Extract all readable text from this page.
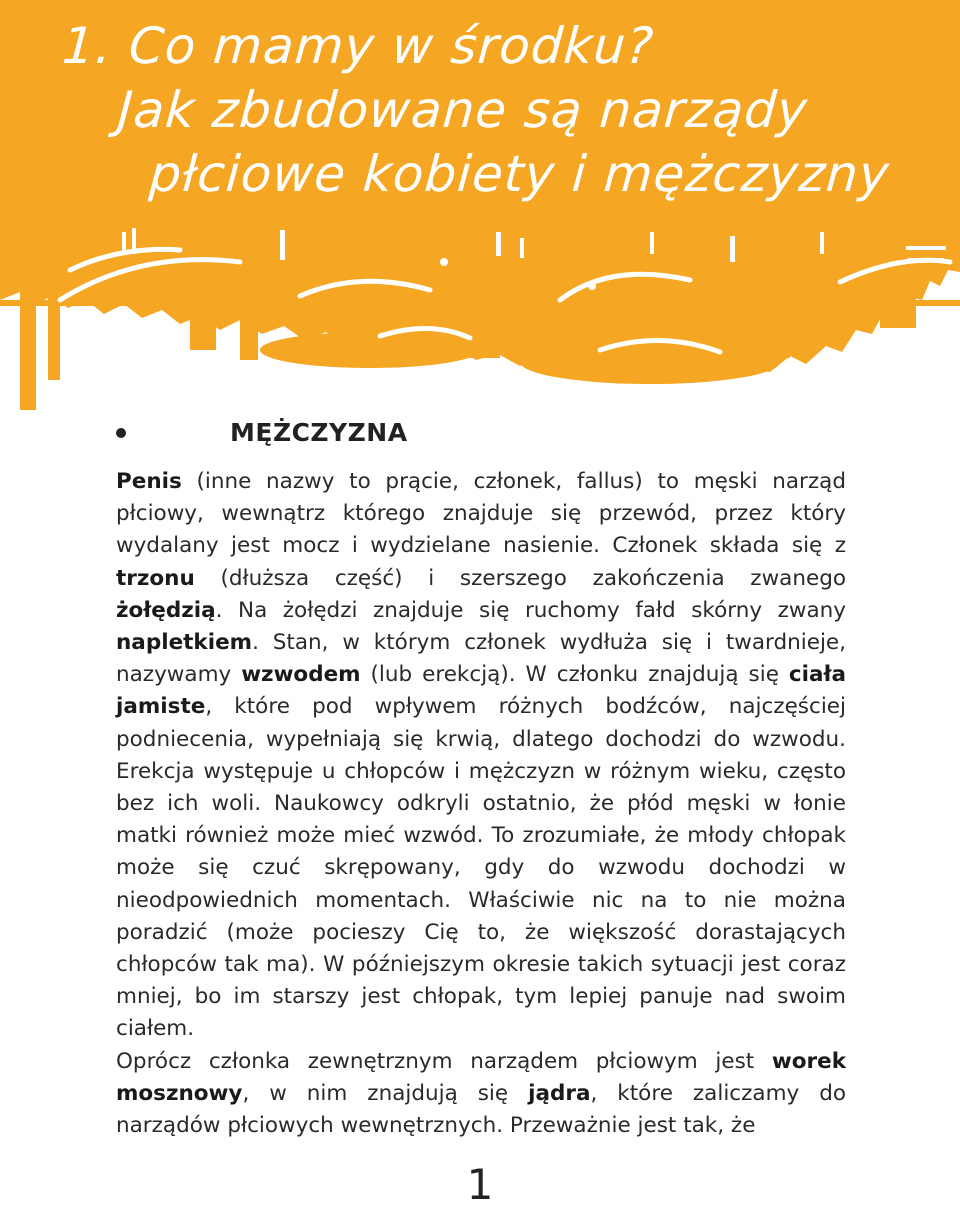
1. Co mamy w środku?
Jak zbudowane są narządy
płciowe kobiety i mężczyzny
MĘŻCZYZNA

Penis (inne nazwy to prącie, członek, fallus) to męski narząd płciowy, wewnątrz którego znajduje się przewód, przez który wydalany jest mocz i wydzielane nasienie. Członek składa się z trzonu (dłuższa część) i szerszego zakończenia zwanego żołędzią. Na żołędzi znajduje się ruchomy fałd skórny zwany napletkiem. Stan, w którym członek wydłuża się i twardnieje, nazywamy wzwodem (lub erekcją). W członku znajdują się ciała jamiste, które pod wpływem różnych bodźców, najczęściej podniecenia, wypełniają się krwią, dlatego dochodzi do wzwodu. Erekcja występuje u chłopców i mężczyzn w różnym wieku, często bez ich woli. Naukowcy odkryli ostatnio, że płód męski w łonie matki również może mieć wzwód. To zrozumiałe, że młody chłopak może się czuć skrępowany, gdy do wzwodu dochodzi w nieodpowiednich momentach. Właściwie nic na to nie można poradzić (może pocieszy Cię to, że większość dorastających chłopców tak ma). W późniejszym okresie takich sytuacji jest coraz mniej, bo im starszy jest chłopak, tym lepiej panuje nad swoim ciałem.

Oprócz członka zewnętrznym narządem płciowym jest worek mosznowy, w nim znajdują się jądra, które zaliczamy do narządów płciowych wewnętrznych. Przeważnie jest tak, że

1
